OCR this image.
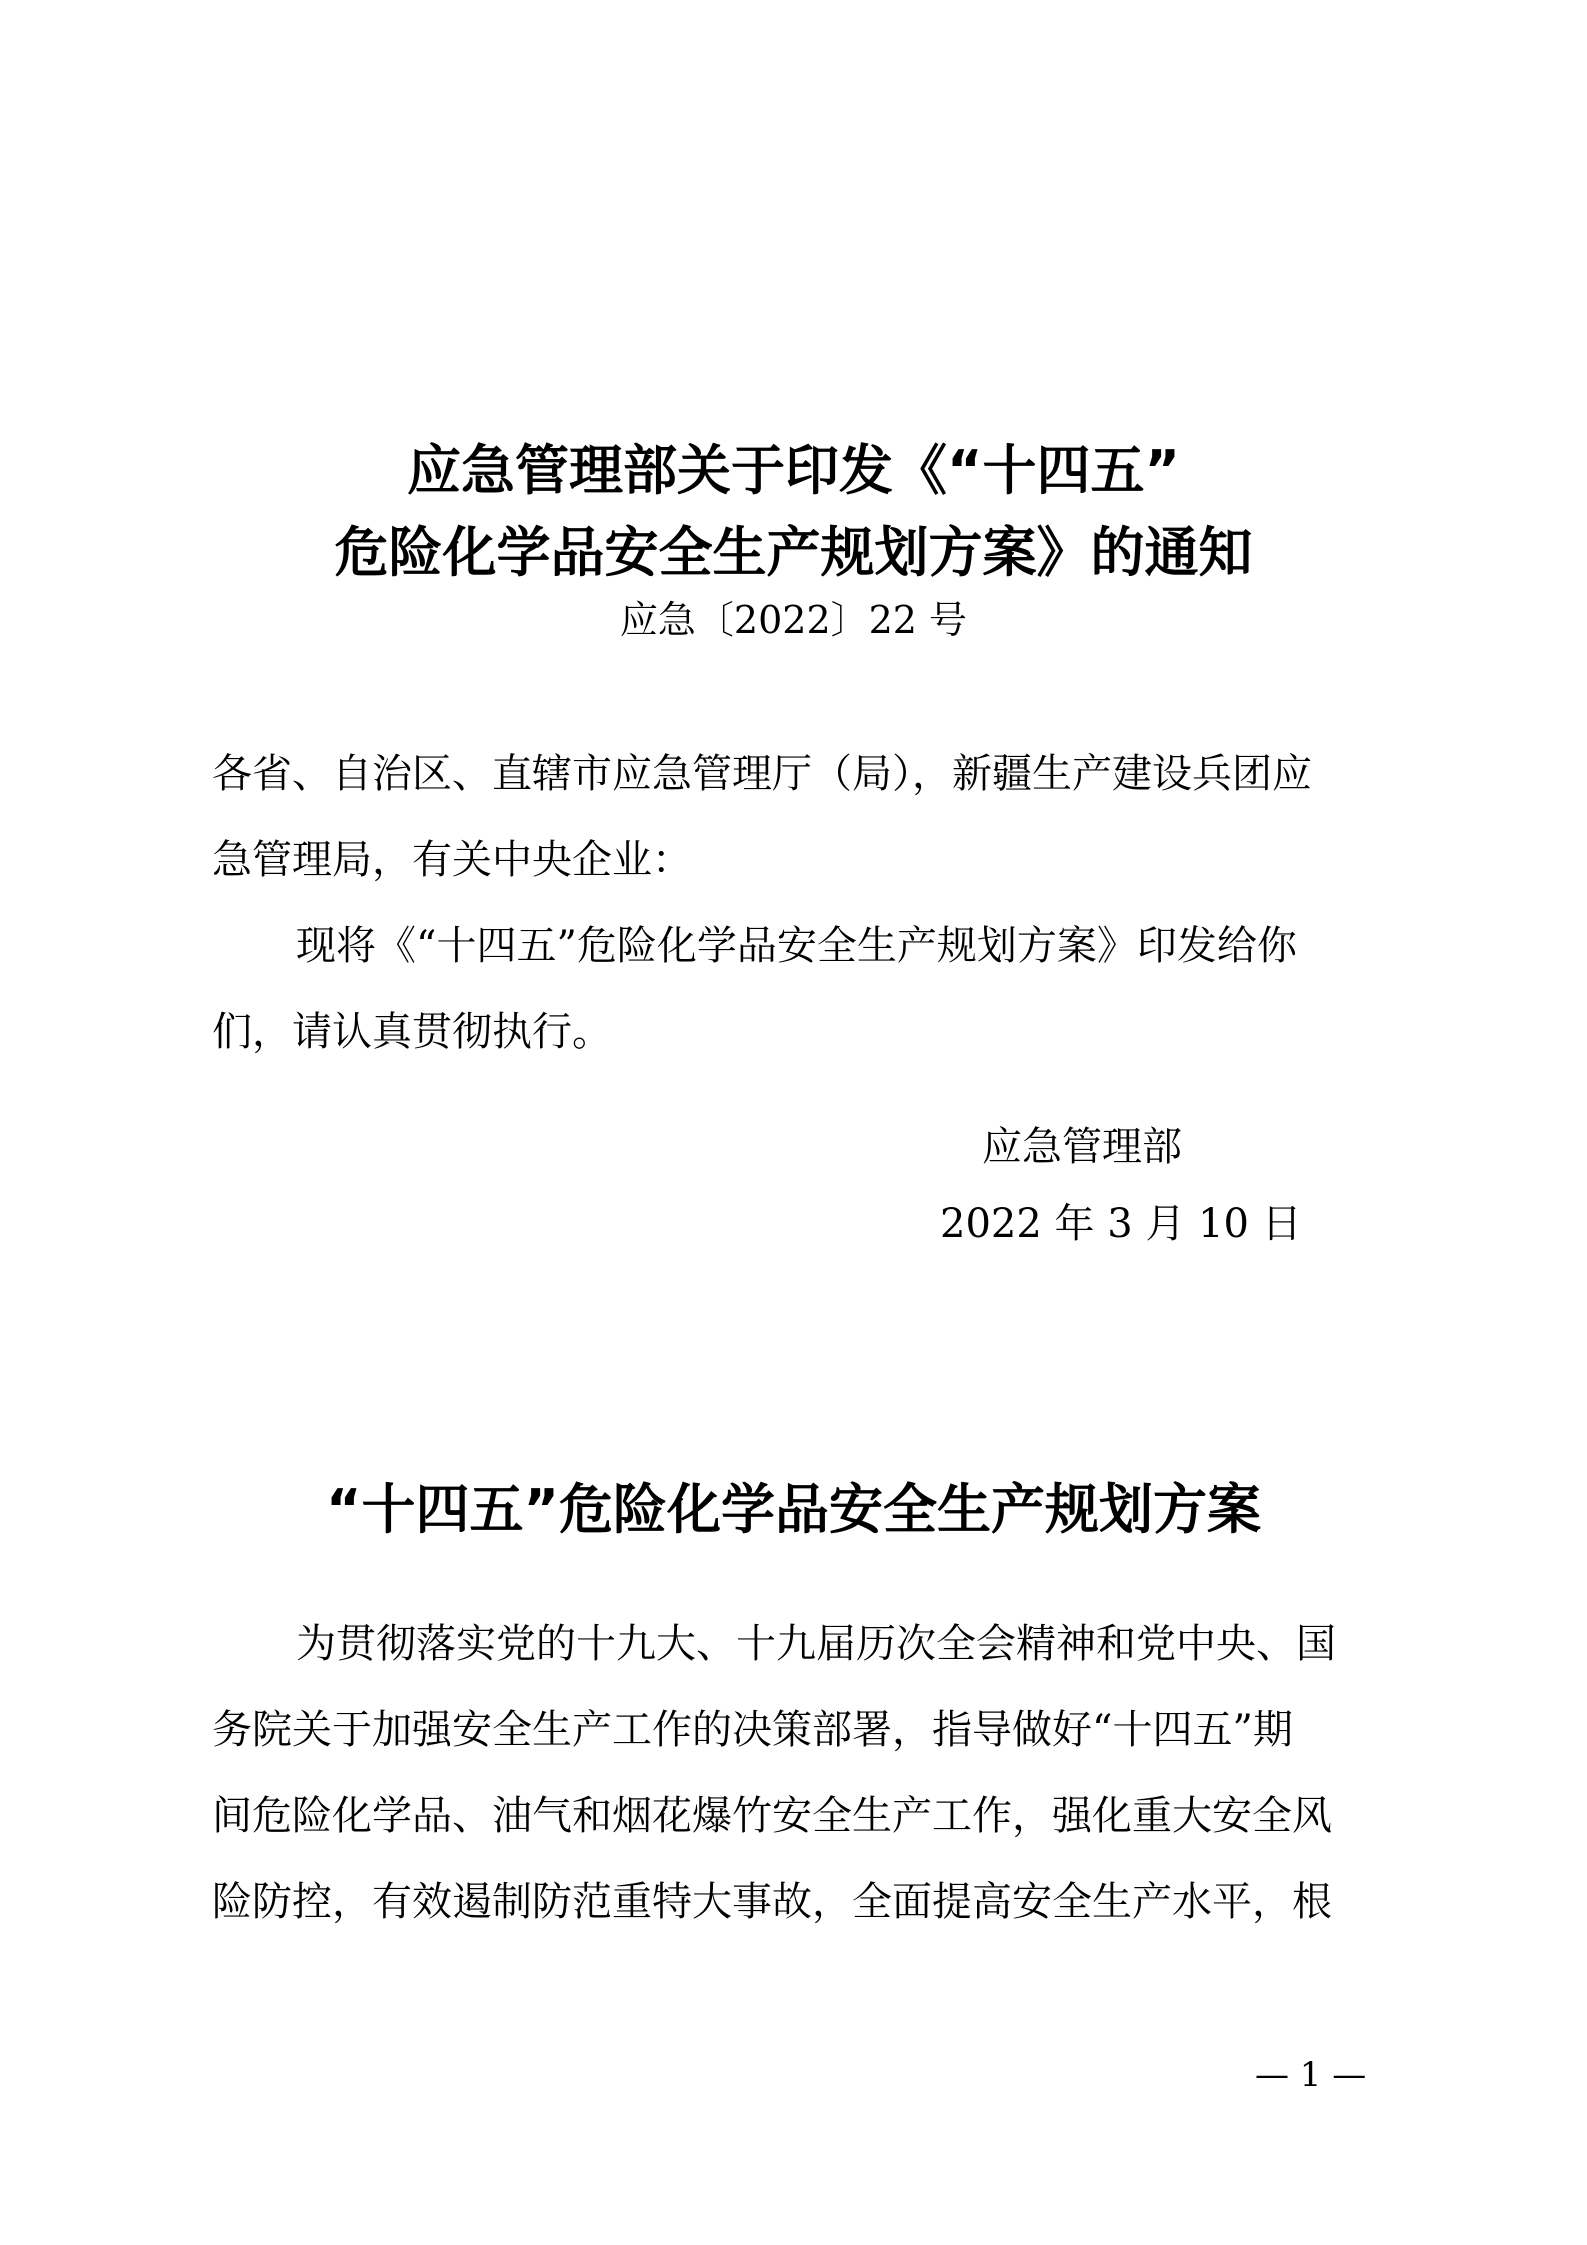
应急管理部关于印发《“十四五”
危险化学品安全生产规划方案》的通知
应急〔2022〕22 号
各省、自治区、直辖市应急管理厅（局），新疆生产建设兵团应
急管理局，有关中央企业：
现将《“十四五”危险化学品安全生产规划方案》印发给你
们，请认真贯彻执行。
应急管理部
2022 年 3 月 10 日
“十四五”危险化学品安全生产规划方案
为贯彻落实党的十九大、十九届历次全会精神和党中央、国
务院关于加强安全生产工作的决策部署，指导做好“十四五”期
间危险化学品、油气和烟花爆竹安全生产工作，强化重大安全风
险防控，有效遏制防范重特大事故，全面提高安全生产水平，根
— 1 —
